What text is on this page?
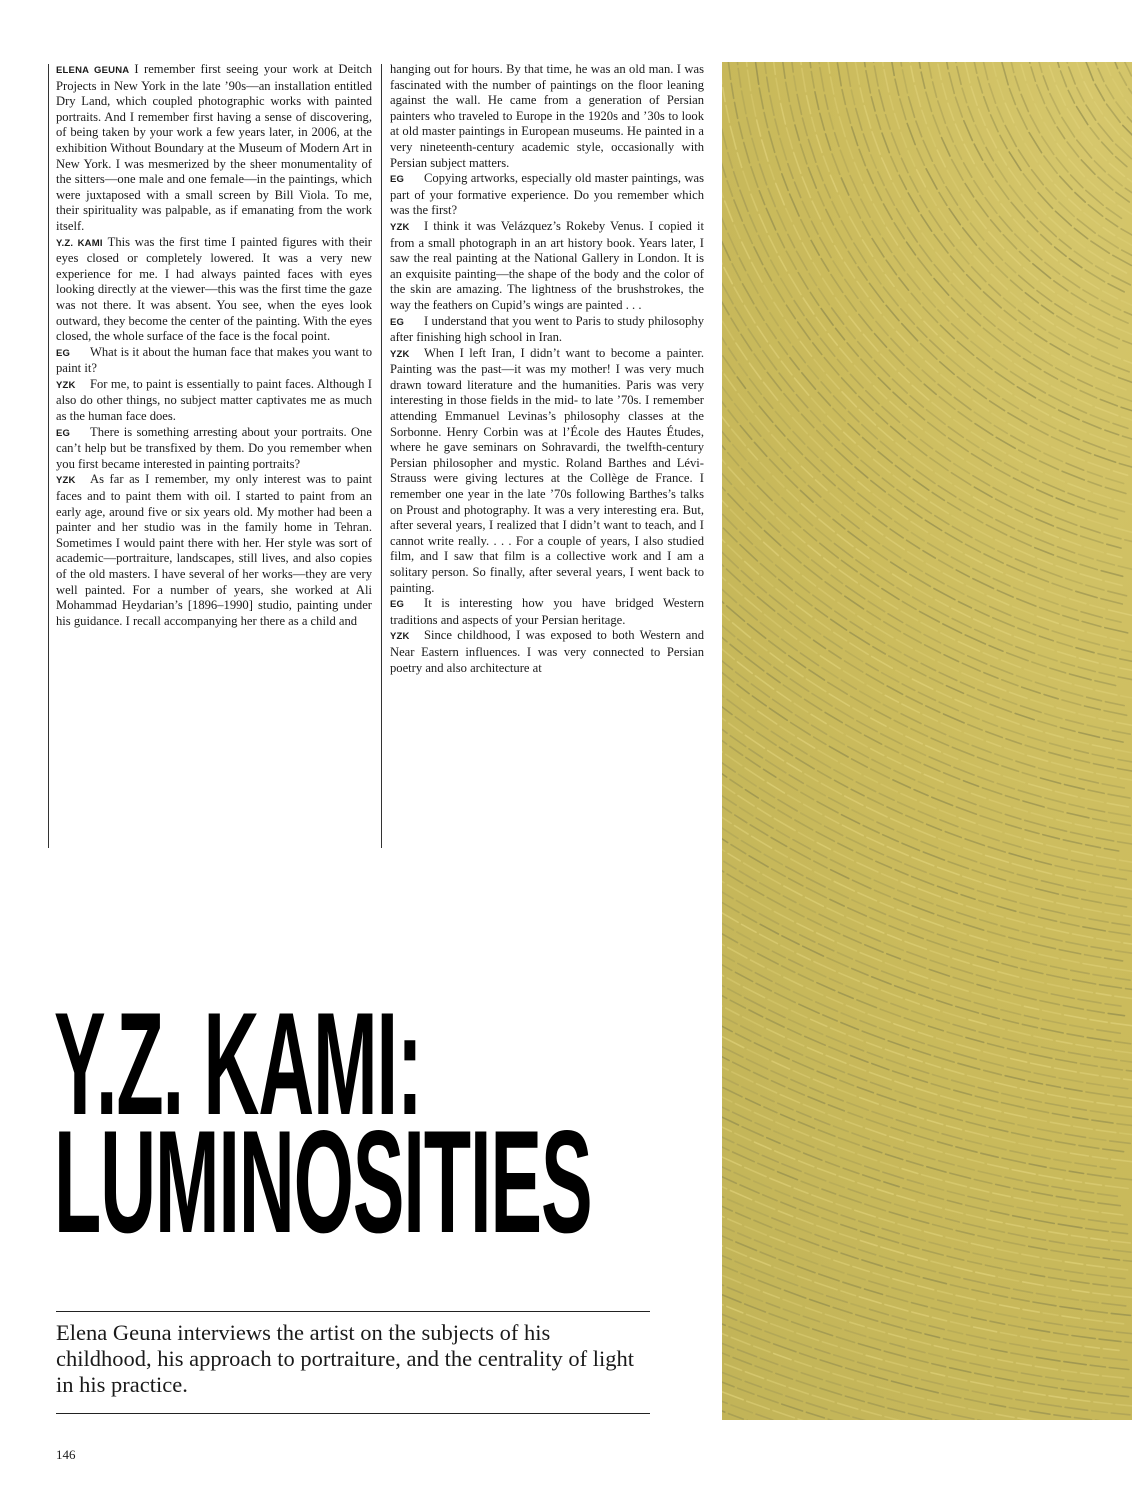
ELENA GEUNA I remember first seeing your work at Deitch Projects in New York in the late ’90s—an installation entitled Dry Land, which coupled photographic works with painted portraits. And I remember first having a sense of discovering, of being taken by your work a few years later, in 2006, at the exhibition Without Boundary at the Museum of Modern Art in New York. I was mesmerized by the sheer monumentality of the sitters—one male and one female—in the paintings, which were juxtaposed with a small screen by Bill Viola. To me, their spirituality was palpable, as if emanating from the work itself.

Y.Z. KAMI This was the first time I painted figures with their eyes closed or completely lowered. It was a very new experience for me. I had always painted faces with eyes looking directly at the viewer—this was the first time the gaze was not there. It was absent. You see, when the eyes look outward, they become the center of the painting. With the eyes closed, the whole surface of the face is the focal point.

EG What is it about the human face that makes you want to paint it?

YZK For me, to paint is essentially to paint faces. Although I also do other things, no subject matter captivates me as much as the human face does.

EG There is something arresting about your portraits. One can’t help but be transfixed by them. Do you remember when you first became interested in painting portraits?

YZK As far as I remember, my only interest was to paint faces and to paint them with oil. I started to paint from an early age, around five or six years old. My mother had been a painter and her studio was in the family home in Tehran. Sometimes I would paint there with her. Her style was sort of academic—portraiture, landscapes, still lives, and also copies of the old masters. I have several of her works—they are very well painted. For a number of years, she worked at Ali Mohammad Heydarian’s [1896–1990] studio, painting under his guidance. I recall accompanying her there as a child and

hanging out for hours. By that time, he was an old man. I was fascinated with the number of paintings on the floor leaning against the wall. He came from a generation of Persian painters who traveled to Europe in the 1920s and ’30s to look at old master paintings in European museums. He painted in a very nineteenth-century academic style, occasionally with Persian subject matters.

EG Copying artworks, especially old master paintings, was part of your formative experience. Do you remember which was the first?

YZK I think it was Velázquez’s Rokeby Venus. I copied it from a small photograph in an art history book. Years later, I saw the real painting at the National Gallery in London. It is an exquisite painting—the shape of the body and the color of the skin are amazing. The lightness of the brushstrokes, the way the feathers on Cupid’s wings are painted . . .

EG I understand that you went to Paris to study philosophy after finishing high school in Iran.

YZK When I left Iran, I didn’t want to become a painter. Painting was the past—it was my mother! I was very much drawn toward literature and the humanities. Paris was very interesting in those fields in the mid- to late ’70s. I remember attending Emmanuel Levinas’s philosophy classes at the Sorbonne. Henry Corbin was at l’École des Hautes Études, where he gave seminars on Sohravardi, the twelfth-century Persian philosopher and mystic. Roland Barthes and Lévi-Strauss were giving lectures at the Collège de France. I remember one year in the late ’70s following Barthes’s talks on Proust and photography. It was a very interesting era. But, after several years, I realized that I didn’t want to teach, and I cannot write really. . . . For a couple of years, I also studied film, and I saw that film is a collective work and I am a solitary person. So finally, after several years, I went back to painting.

EG It is interesting how you have bridged Western traditions and aspects of your Persian heritage.

YZK Since childhood, I was exposed to both Western and Near Eastern influences. I was very connected to Persian poetry and also architecture at

Y.Z. KAMI:
LUMINOSITIES
Elena Geuna interviews the artist on the subjects of his childhood, his approach to portraiture, and the centrality of light in his practice.
146
